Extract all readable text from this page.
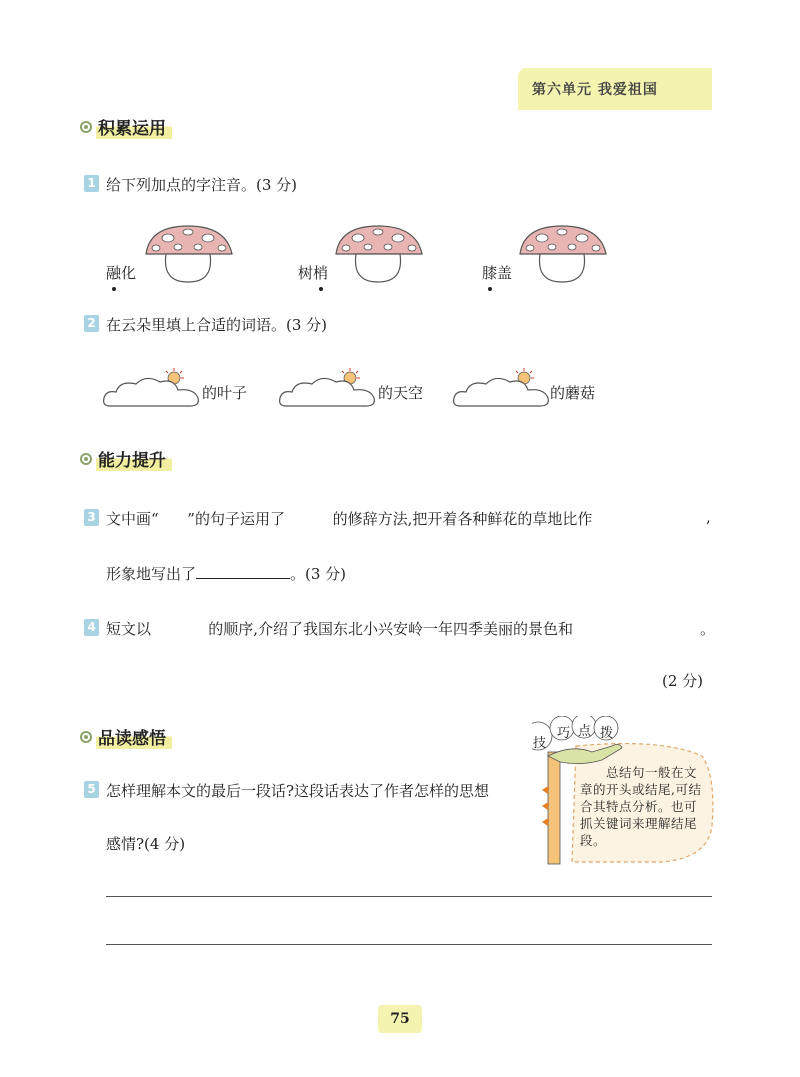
第六单元 我爱祖国
积累运用
1 给下列加点的字注音。(3 分)
融化	树梢	膝盖
2 在云朵里填上合适的词语。(3 分)
的叶子	的天空	的蘑菇
能力提升
3 文中画“      ”的句子运用了          的修辞方法,把开着各种鲜花的草地比作	,
形象地写出了	。(3 分)
4 短文以            的顺序,介绍了我国东北小兴安岭一年四季美丽的景色和	。
(2 分)
品读感悟
5 怎样理解本文的最后一段话?这段话表达了作者怎样的思想
感情?(4 分)
技
巧 点 拨
总结句一般在文章的开头或结尾,可结合其特点分析。也可抓关键词来理解结尾段。
75
